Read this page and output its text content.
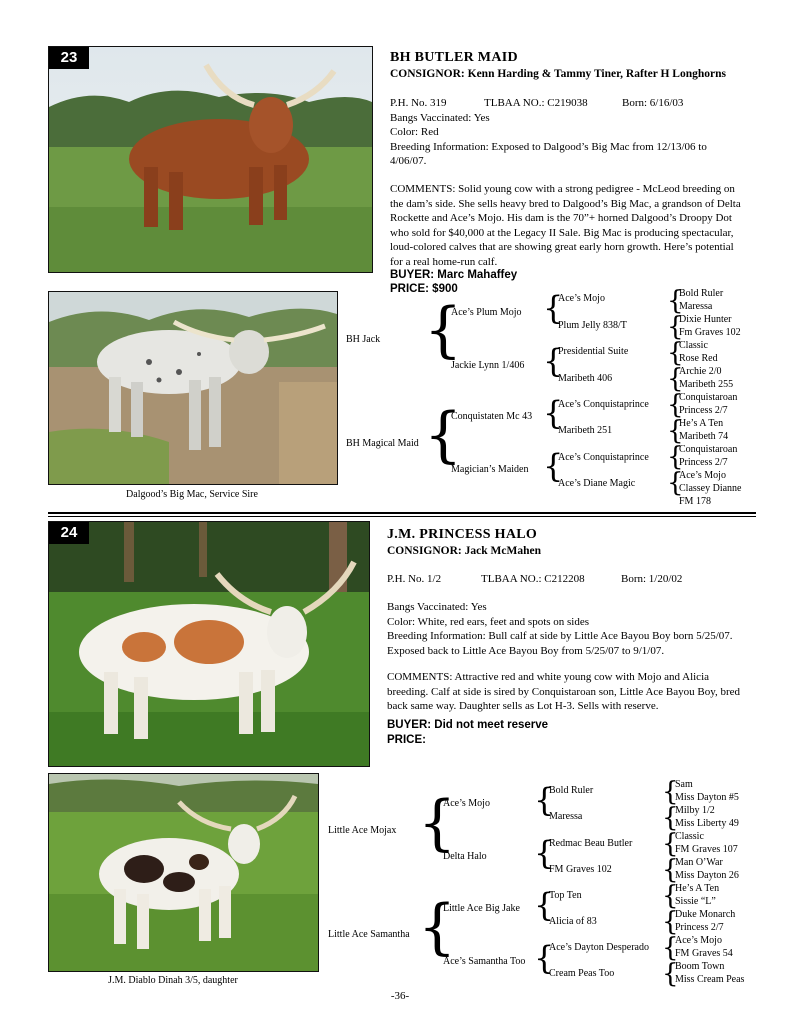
23	BH BUTLER MAID
CONSIGNOR: Kenn Harding & Tammy Tiner, Rafter H Longhorns
P.H. No. 319	TLBAA NO.: C219038	Born: 6/16/03
Bangs Vaccinated: Yes
Color: Red
Breeding Information: Exposed to Dalgood’s Big Mac from 12/13/06 to
4/06/07.
COMMENTS: Solid young cow with a strong pedigree - McLeod breeding on
the dam’s side. She sells heavy bred to Dalgood’s Big Mac, a grandson of Delta
Rockette and Ace’s Mojo. His dam is the 70”+ horned Dalgood’s Droopy Dot
who sold for $40,000 at the Legacy II Sale. Big Mac is producing spectacular,
loud-colored calves that are showing great early horn growth. Here’s potential
for a real home-run calf.
BUYER: Marc Mahaffey
PRICE: $900
Dalgood’s Big Mac, Service Sire
BH Jack
BH Magical Maid
{
{
Ace’s Plum Mojo
Jackie Lynn 1/406
Conquistaten Mc 43
Magician’s Maiden
{
{
{
{
Ace’s Mojo
Plum Jelly 838/T
Presidential Suite
Maribeth 406
Ace’s Conquistaprince
Maribeth 251
Ace’s Conquistaprince
Ace’s Diane Magic
{
{
{
{
{
{
{
{
Bold Ruler
Maressa
Dixie Hunter
Fm Graves 102
Classic
Rose Red
Archie 2/0
Maribeth 255
Conquistaroan
Princess 2/7
He’s A Ten
Maribeth 74
Conquistaroan
Princess 2/7
Ace’s Mojo
Classey Dianne
FM 178
24	J.M. PRINCESS HALO
CONSIGNOR: Jack McMahen
P.H. No. 1/2	TLBAA NO.: C212208	Born: 1/20/02
Bangs Vaccinated: Yes
Color: White, red ears, feet and spots on sides
Breeding Information: Bull calf at side by Little Ace Bayou Boy born 5/25/07.
Exposed back to Little Ace Bayou Boy from 5/25/07 to 9/1/07.
COMMENTS: Attractive red and white young cow with Mojo and Alicia
breeding. Calf at side is sired by Conquistaroan son, Little Ace Bayou Boy, bred
back same way. Daughter sells as Lot H-3. Sells with reserve.
BUYER: Did not meet reserve
PRICE:
J.M. Diablo Dinah 3/5, daughter
Little Ace Mojax
Little Ace Samantha
{
{
Ace’s Mojo
Delta Halo
Little Ace Big Jake
Ace’s Samantha Too
{
{
{
{
Bold Ruler
Maressa
Redmac Beau Butler
FM Graves 102
Top Ten
Alicia of 83
Ace’s Dayton Desperado
Cream Peas Too
{
{
{
{
{
{
{
{
Sam
Miss Dayton #5
Milby 1/2
Miss Liberty 49
Classic
FM Graves 107
Man O’War
Miss Dayton 26
He’s A Ten
Sissie “L”
Duke Monarch
Princess 2/7
Ace’s Mojo
FM Graves 54
Boom Town
Miss Cream Peas
-36-
